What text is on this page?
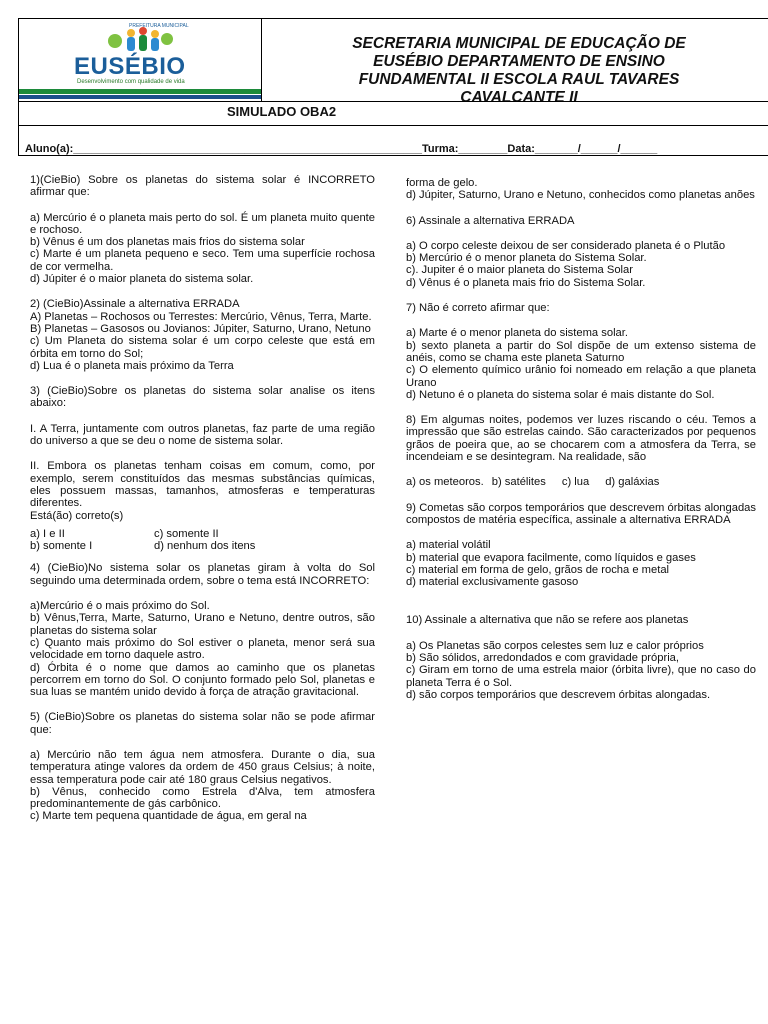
PREFEITURA MUNICIPAL
EUSÉBIO
Desenvolvimento com qualidade de vida
SECRETARIA MUNICIPAL DE EDUCAÇÃO DE
EUSÉBIO DEPARTAMENTO DE ENSINO
FUNDAMENTAL II ESCOLA RAUL TAVARES
CAVALCANTE II
SIMULADO OBA2
Aluno(a):_________________________________________________________Turma:________Data:_______/______/______

1)(CieBio) Sobre os planetas do sistema solar é INCORRETO afirmar que:

a) Mercúrio é o planeta mais perto do sol. É um planeta muito quente e rochoso.

b) Vênus é um dos planetas mais frios do sistema solar

c) Marte é um planeta pequeno e seco. Tem uma superfície rochosa de cor vermelha.

d) Júpiter é o maior planeta do sistema solar.

2) (CieBio)Assinale a alternativa ERRADA

A) Planetas – Rochosos ou Terrestes: Mercúrio, Vênus, Terra, Marte.

B) Planetas – Gasosos ou Jovianos: Júpiter, Saturno, Urano, Netuno

c) Um Planeta do sistema solar é um corpo celeste que está em órbita em torno do Sol;

d) Lua é o planeta mais próximo da Terra

3) (CieBio)Sobre os planetas do sistema solar analise os itens abaixo:

I. A Terra, juntamente com outros planetas, faz parte de uma região do universo a que se deu o nome de sistema solar.

II. Embora os planetas tenham coisas em comum, como, por exemplo, serem constituídos das mesmas substâncias químicas, eles possuem massas, tamanhos, atmosferas e temperaturas diferentes.

Está(ão) correto(s)

a) I e II	c) somente II
b) somente I	d) nenhum dos itens

4) (CieBio)No sistema solar os planetas giram à volta do Sol seguindo uma determinada ordem, sobre o tema está INCORRETO:

a)Mercúrio é o mais próximo do Sol.

b) Vênus,Terra, Marte, Saturno, Urano e Netuno, dentre outros, são planetas do sistema solar

c) Quanto mais próximo do Sol estiver o planeta, menor será sua velocidade em torno daquele astro.

d) Órbita é o nome que damos ao caminho que os planetas percorrem em torno do Sol. O conjunto formado pelo Sol, planetas e sua luas se mantém unido devido à força de atração gravitacional.

5) (CieBio)Sobre os planetas do sistema solar não se pode afirmar que:

a) Mercúrio não tem água nem atmosfera. Durante o dia, sua temperatura atinge valores da ordem de 450 graus Celsius; à noite, essa temperatura pode cair até 180 graus Celsius negativos.

b) Vênus, conhecido como Estrela d'Alva, tem atmosfera predominantemente de gás carbônico.

c) Marte tem pequena quantidade de água, em geral na

forma de gelo.

d) Júpiter, Saturno, Urano e Netuno, conhecidos como planetas anões

6) Assinale a alternativa ERRADA

a) O corpo celeste deixou de ser considerado planeta é o Plutão

b) Mercúrio é o menor planeta do Sistema Solar.

c). Jupiter é o maior planeta do Sistema Solar

d) Vênus é o planeta mais frio do Sistema Solar.

7) Não é correto afirmar que:

a) Marte é o menor planeta do sistema solar.

b) sexto planeta a partir do Sol dispõe de um extenso sistema de anéis, como se chama este planeta Saturno

c) O elemento químico urânio foi nomeado em relação a que planeta Urano

d) Netuno é o planeta do sistema solar é mais distante do Sol.

8) Em algumas noites, podemos ver luzes riscando o céu. Temos a impressão que são estrelas caindo. São caracterizados por pequenos grãos de poeira que, ao se chocarem com a atmosfera da Terra, se incendeiam e se desintegram. Na realidade, são

a) os meteoros. b) satélites c) lua d) galáxias

9) Cometas são corpos temporários que descrevem órbitas alongadas compostos de matéria específica, assinale a alternativa ERRADA

a) material volátil

b) material que evapora facilmente, como líquidos e gases

c) material em forma de gelo, grãos de rocha e metal

d) material exclusivamente gasoso

10) Assinale a alternativa que não se refere aos planetas

a) Os Planetas são corpos celestes sem luz e calor próprios

b) São sólidos, arredondados e com gravidade própria,

c) Giram em torno de uma estrela maior (órbita livre), que no caso do planeta Terra é o Sol.

d) são corpos temporários que descrevem órbitas alongadas.
